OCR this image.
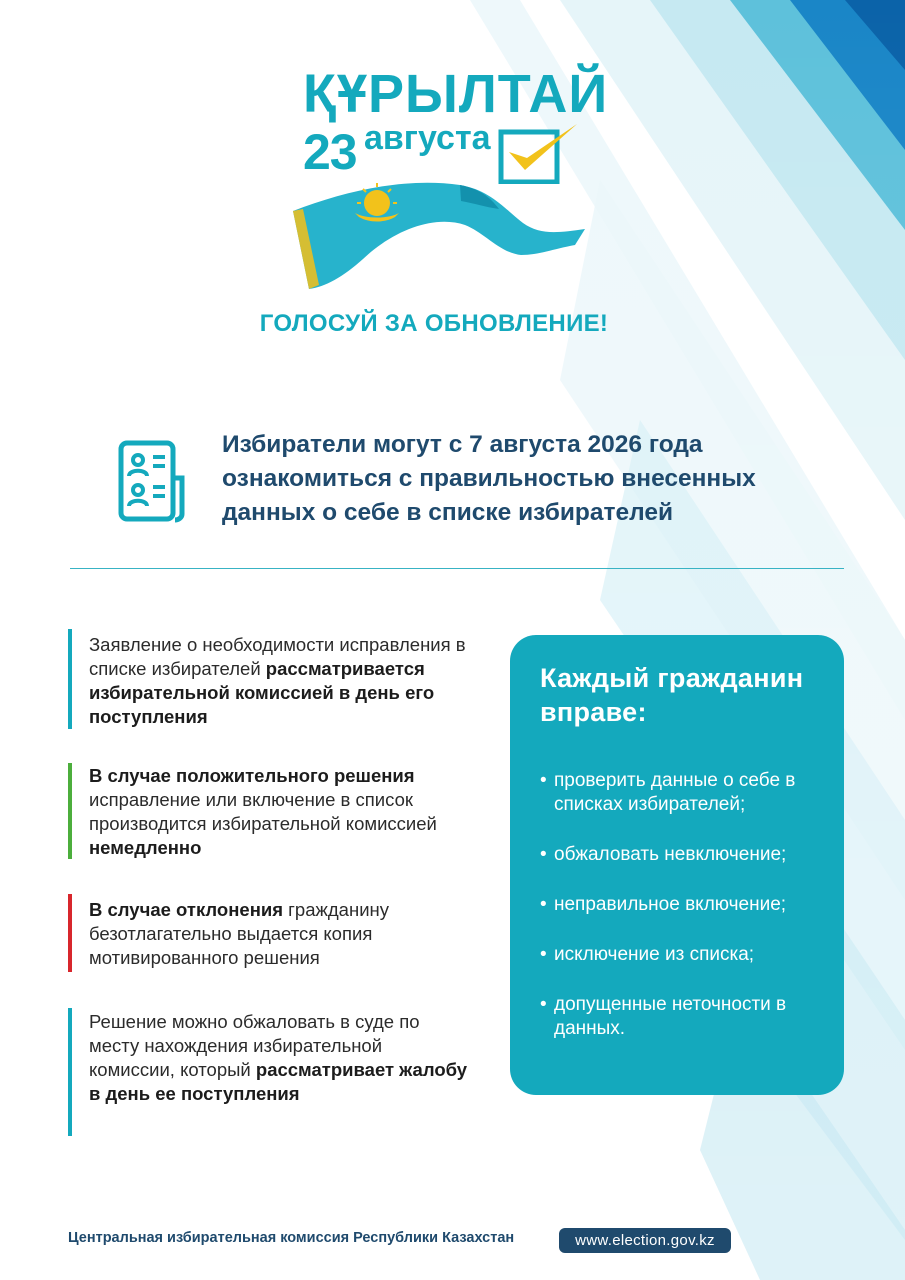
ҚҰРЫЛТАЙ
23 августа
ГОЛОСУЙ ЗА ОБНОВЛЕНИЕ!
Избиратели могут с 7 августа 2026 года ознакомиться с правильностью внесенных данных о себе в списке избирателей
Заявление о необходимости исправления в списке избирателей рассматривается избирательной комиссией в день его поступления
В случае положительного решения исправление или включение в список производится избирательной комиссией немедленно
В случае отклонения гражданину безотлагательно выдается копия мотивированного решения
Решение можно обжаловать в суде по месту нахождения избирательной комиссии, который рассматривает жалобу в день ее поступления
Каждый гражданин вправе:
• проверить данные о себе в списках избирателей;
• обжаловать невключение;
• неправильное включение;
• исключение из списка;
• допущенные неточности в данных.
Центральная избирательная комиссия Республики Казахстан	www.election.gov.kz
